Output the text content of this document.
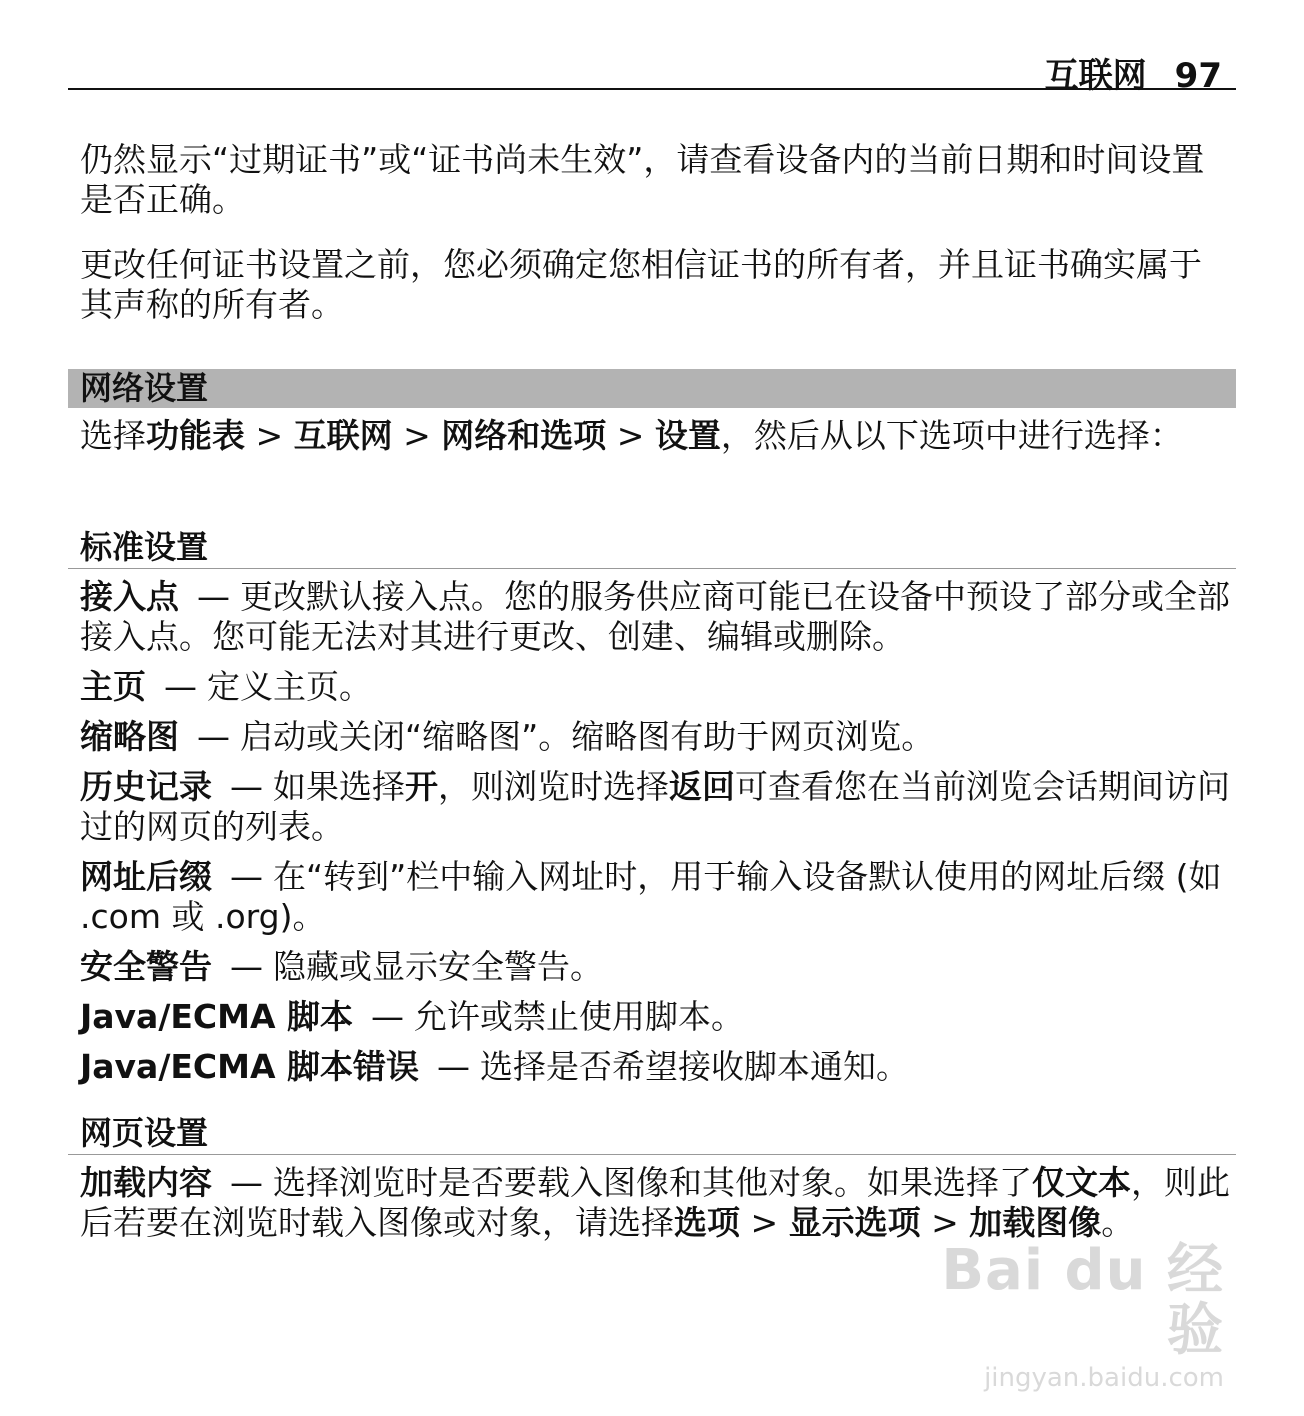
互联网 97

仍然显示“过期证书”或“证书尚未生效”，请查看设备内的当前日期和时间设置是否正确。

更改任何证书设置之前，您必须确定您相信证书的所有者，并且证书确实属于其声称的所有者。

网络设置

选择功能表 > 互联网 > 网络和选项 > 设置，然后从以下选项中进行选择：

标准设置

接入点 — 更改默认接入点。您的服务供应商可能已在设备中预设了部分或全部接入点。您可能无法对其进行更改、创建、编辑或删除。

主页 — 定义主页。

缩略图 — 启动或关闭“缩略图”。缩略图有助于网页浏览。

历史记录 — 如果选择开，则浏览时选择返回可查看您在当前浏览会话期间访问过的网页的列表。

网址后缀 — 在“转到”栏中输入网址时，用于输入设备默认使用的网址后缀 (如 .com 或 .org)。

安全警告 — 隐藏或显示安全警告。

Java/ECMA 脚本 — 允许或禁止使用脚本。

Java/ECMA 脚本错误 — 选择是否希望接收脚本通知。

网页设置

加载内容 — 选择浏览时是否要载入图像和其他对象。如果选择了仅文本，则此后若要在浏览时载入图像或对象，请选择选项 > 显示选项 > 加载图像。

Bai du 经验
jingyan.baidu.com
